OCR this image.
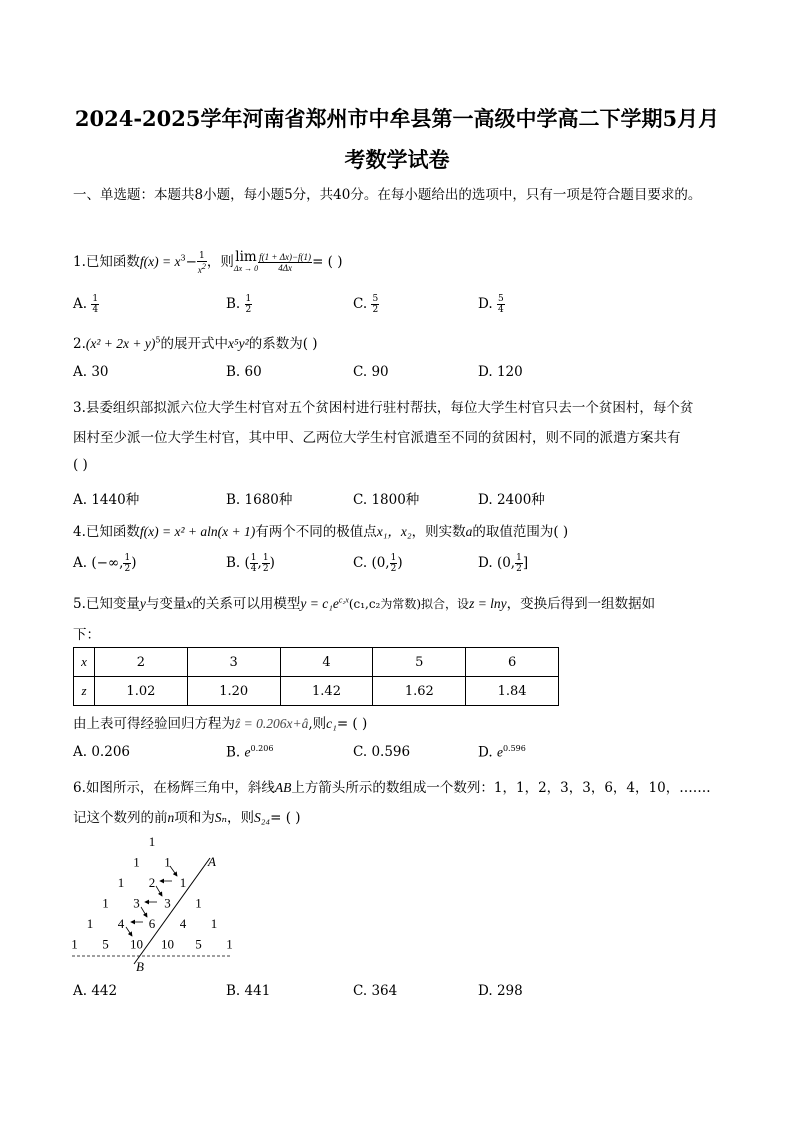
2024-2025学年河南省郑州市中牟县第一高级中学高二下学期5月月
考数学试卷
一、单选题：本题共8小题，每小题5分，共40分。在每小题给出的选项中，只有一项是符合题目要求的。
1.已知函数$f(x) = x^3- \frac{1}{x^2}$ ，则 lim
$\Delta x \to 0 \frac{f(1 + \Delta x)-f(1)}{4\Delta x}$ = ( )
A. $\frac{1}{4}$	B. $\frac{1}{2}$	C. $\frac{5}{2}$	D. $\frac{5}{4}$
$2.(x^2 + 2x + y)^5$的展开式中x⁵y²的系数为( )
A. 30	B. 60	C. 90	D. 120
3.县委组织部拟派六位大学生村官对五个贫困村进行驻村帮扶，每位大学生村官只去一个贫困村，每个贫
困村至少派一位大学生村官，其中甲、乙两位大学生村官派遣至不同的贫困村，则不同的派遣方案共有
( )
A. 1440种	B. 1680种	C. 1800种	D. 2400种
4.已知函数f(x) = x² + aln(x + 1)有两个不同的极值点x₁，x₂，则实数a的取值范围为( )
A. (−∞, $\frac{1}{2}$ )	B. ( $\frac{1}{4}$ , $\frac{1}{2}$ )	C. (0, $\frac{1}{2}$ )	D. (0, $\frac{1}{2}$ ]
5.已知变量y与变量x的关系可以用模型$y = c_1e^{c_2x}(c_1,c_2$为常数)拟合，设z = lny，变换后得到一组数据如
下：
x	2	3	4	5	6
z	1.02	1.20	1.42	1.62	1.84
由上表可得经验回归方程为ẑ = 0.206x+â,则c₁= ( )
A. 0.206	B. $e^{0.206}$	C. 0.596	D. $e^{0.596}$
6.如图所示，在杨辉三角中，斜线AB上方箭头所示的数组成一个数列：1，1，2，3，3，6，4，10，…….
记这个数列的前n项和为Sₙ，则S₂₄= ( )
1
1 1
1 2 1
1 3 3 1
1 4 6 4 1
1 5 10 10 5 1
A
B
A. 442	B. 441	C. 364	D. 298
